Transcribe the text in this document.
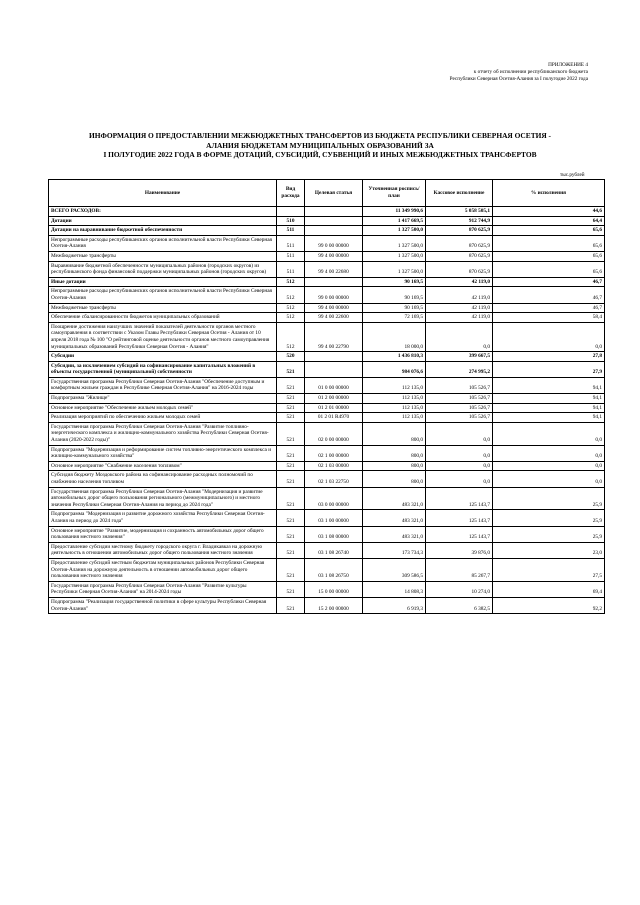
ПРИЛОЖЕНИЕ 4
к отчету об исполнении республиканского бюджета
Республики Северная Осетия-Алания за I полугодие 2022 года
ИНФОРМАЦИЯ О ПРЕДОСТАВЛЕНИИ МЕЖБЮДЖЕТНЫХ ТРАНСФЕРТОВ ИЗ БЮДЖЕТА РЕСПУБЛИКИ СЕВЕРНАЯ ОСЕТИЯ -
АЛАНИЯ БЮДЖЕТАМ МУНИЦИПАЛЬНЫХ ОБРАЗОВАНИЙ ЗА
I ПОЛУГОДИЕ 2022 ГОДА В ФОРМЕ ДОТАЦИЙ, СУБСИДИЙ, СУБВЕНЦИЙ И ИНЫХ МЕЖБЮДЖЕТНЫХ ТРАНСФЕРТОВ
тыс.рублей
Наименование	Вид расхода	Целевая статья	Уточненная роспись/план	Кассовое исполнение	% исполнения
ВСЕГО РАСХОДОВ:			11 349 990,6	5 058 505,1	44,6
Дотации	510		1 417 669,5	912 744,9	64,4
Дотации на выравнивание бюджетной обеспеченности	511		1 327 500,0	870 625,9	65,6
Непрограммные расходы республиканских органов исполнительной власти Республики Северная Осетия-Алания	511	99 0 00 00000	1 327 500,0	870 625,9	65,6
Межбюджетные трансферты	511	99 4 00 00000	1 327 500,0	870 625,9	65,6
Выравнивание бюджетной обеспеченности муниципальных районов (городских округов) из республиканского фонда финансовой поддержки муниципальных районов (городских округов)	511	99 4 00 22680	1 327 500,0	870 625,9	65,6
Иные дотации	512		90 169,5	42 119,0	46,7
Непрограммные расходы республиканских органов исполнительной власти Республики Северная Осетия-Алания	512	99 0 00 00000	90 169,5	42 119,0	46,7
Межбюджетные трансферты	512	99 4 00 00000	90 169,5	42 119,0	46,7
Обеспечение сбалансированности бюджетов муниципальных образований	512	99 4 00 22600	72 169,5	42 119,0	58,4
Поощрение достижения наилучших значений показателей деятельности органов местного самоуправления в соответствии с Указом Главы Республики Северная Осетия - Алания от 10 апреля 2018 года № 100 "О рейтинговой оценке деятельности органов местного самоуправления муниципальных образований Республики Северная Осетия - Алания"	512	99 4 00 22790	18 000,0	0,0	0,0
Субсидии	520		1 436 810,3	399 667,5	27,8
Субсидии, за исключением субсидий на софинансирование капитальных вложений в объекты государственной (муниципальной) собственности	521		984 076,6	274 995,2	27,9
Государственная программа Республики Северная Осетия-Алания "Обеспечение доступным и комфортным жильем граждан в Республике Северная Осетия-Алания" на 2016-2024 годы	521	01 0 00 00000	112 135,0	105 526,7	94,1
Подпрограмма "Жилище"	521	01 2 00 00000	112 135,0	105 526,7	94,1
Основное мероприятие "Обеспечение жильем молодых семей"	521	01 2 01 00000	112 135,0	105 526,7	94,1
Реализация мероприятий по обеспечению жильем молодых семей	521	01 2 01 R4970	112 135,0	105 526,7	94,1
Государственная программа Республики Северная Осетия-Алания "Развитие топливно-энергетического комплекса и жилищно-коммунального хозяйства Республики Северная Осетия-Алания (2020-2022 годы)"	521	02 0 00 00000	800,0	0,0	0,0
Подпрограмма "Модернизация и реформирование систем топливно-энергетического комплекса и жилищно-коммунального хозяйства"	521	02 1 00 00000	800,0	0,0	0,0
Основное мероприятие "Снабжение населения топливом"	521	02 1 03 00000	800,0	0,0	0,0
Субсидия бюджету Моздокского района на софинансирование расходных полномочий по снабжению населения топливом	521	02 1 03 22750	800,0	0,0	0,0
Государственная программа Республики Северная Осетия-Алания "Модернизация и развитие автомобильных дорог общего пользования регионального (межмуниципального) и местного значения Республики Северная Осетия-Алания на период до 2024 года"	521	03 0 00 00000	483 321,0	125 143,7	25,9
Подпрограмма "Модернизация и развитие дорожного хозяйства Республики Северная Осетия-Алания на период до 2024 года"	521	03 1 00 00000	483 321,0	125 143,7	25,9
Основное мероприятие "Развитие, модернизация и сохранность автомобильных дорог общего пользования местного значения"	521	03 1 08 00000	483 321,0	125 143,7	25,9
Предоставление субсидии местному бюджету городского округа г. Владикавказ на дорожную деятельность в отношении автомобильных дорог общего пользования местного значения	521	03 1 08 26740	173 734,3	39 876,0	23,0
Предоставление субсидий местным бюджетам муниципальных районов Республики Северная Осетия-Алания на дорожную деятельность в отношении автомобильных дорог общего пользования местного значения	521	03 1 08 26750	309 586,5	85 267,7	27,5
Государственная программа Республики Северная Осетия-Алания "Развитие культуры Республики Северная Осетия-Алания" на 2014-2024 годы	521	15 0 00 00000	14 808,3	10 274,0	69,4
Подпрограмма "Реализация государственной политики в сфере культуры Республики Северная Осетия-Алания"	521	15 2 00 00000	6 919,3	6 382,5	92,2
